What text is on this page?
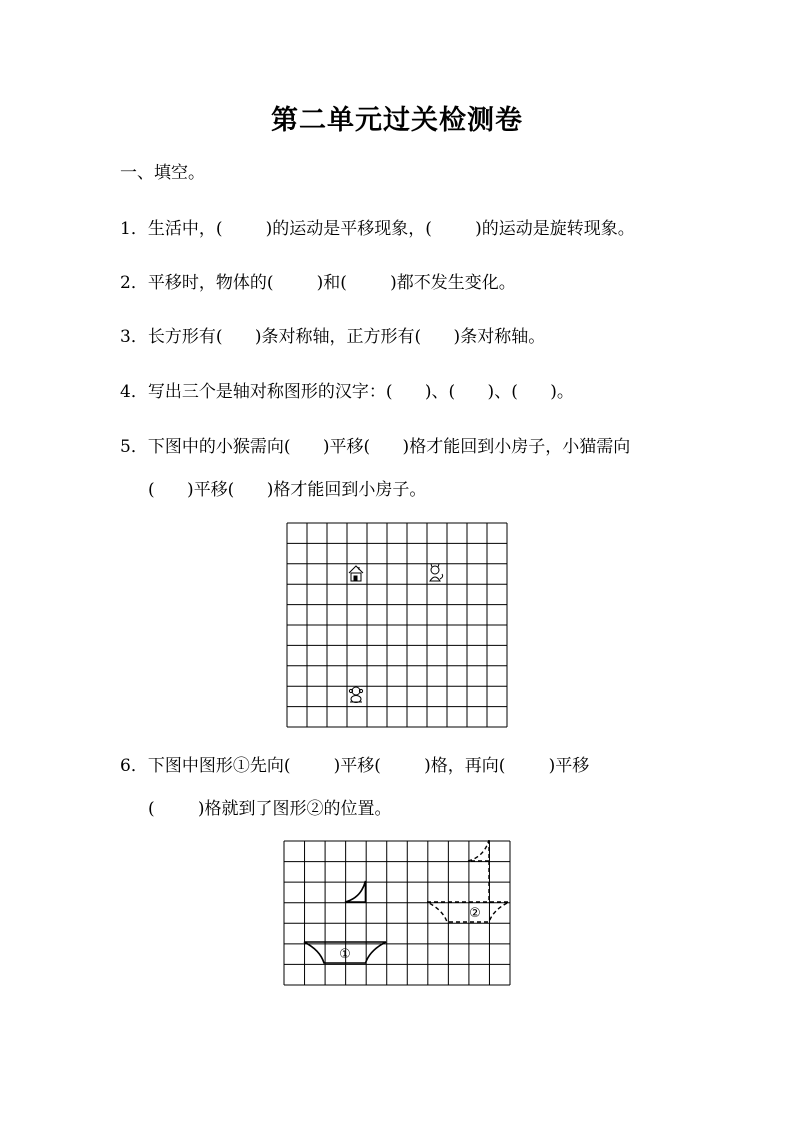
第二单元过关检测卷
一、填空。
1．生活中，(        )的运动是平移现象，(        )的运动是旋转现象。
2．平移时，物体的(        )和(        )都不发生变化。
3．长方形有(      )条对称轴，正方形有(      )条对称轴。
4．写出三个是轴对称图形的汉字：(      )、(      )、(      )。
5．下图中的小猴需向(      )平移(      )格才能回到小房子，小猫需向
(      )平移(      )格才能回到小房子。
6．下图中图形①先向(        )平移(        )格，再向(        )平移
(        )格就到了图形②的位置。
①
②
